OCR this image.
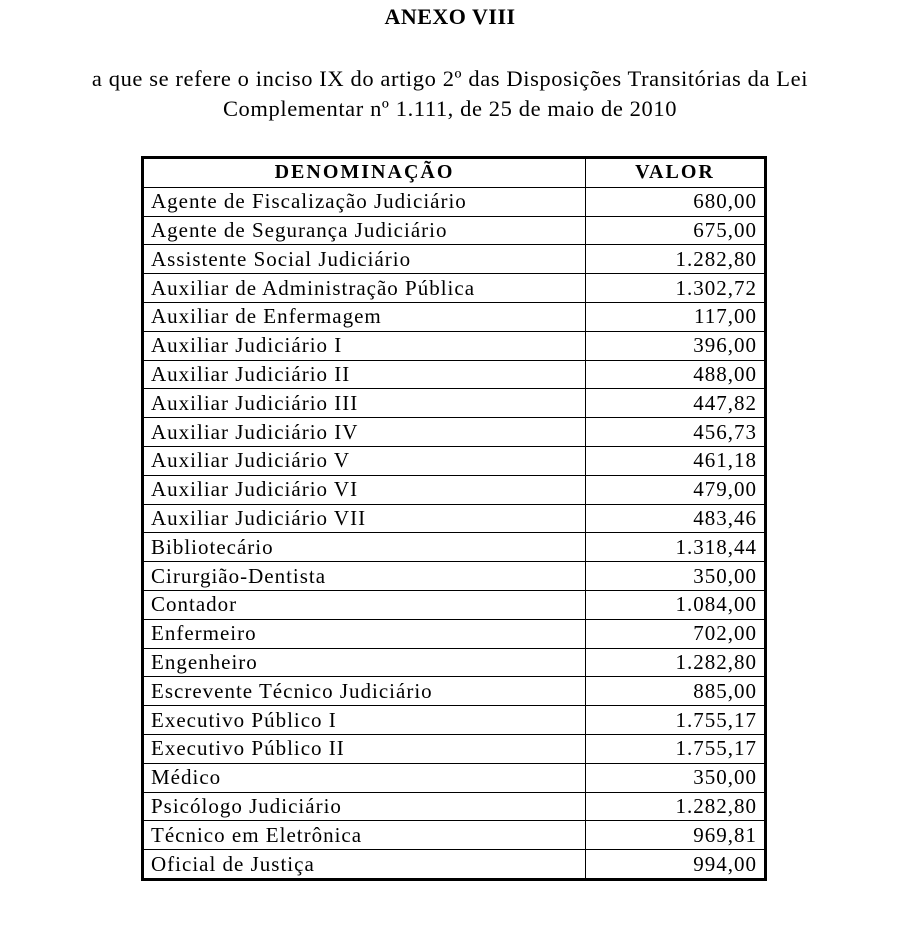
ANEXO VIII
a que se refere o inciso IX do artigo 2º das Disposições Transitórias da Lei
Complementar nº 1.111, de 25 de maio de 2010
DENOMINAÇÃO	VALOR
Agente de Fiscalização Judiciário	680,00
Agente de Segurança Judiciário	675,00
Assistente Social Judiciário	1.282,80
Auxiliar de Administração Pública	1.302,72
Auxiliar de Enfermagem	117,00
Auxiliar Judiciário I	396,00
Auxiliar Judiciário II	488,00
Auxiliar Judiciário III	447,82
Auxiliar Judiciário IV	456,73
Auxiliar Judiciário V	461,18
Auxiliar Judiciário VI	479,00
Auxiliar Judiciário VII	483,46
Bibliotecário	1.318,44
Cirurgião-Dentista	350,00
Contador	1.084,00
Enfermeiro	702,00
Engenheiro	1.282,80
Escrevente Técnico Judiciário	885,00
Executivo Público I	1.755,17
Executivo Público II	1.755,17
Médico	350,00
Psicólogo Judiciário	1.282,80
Técnico em Eletrônica	969,81
Oficial de Justiça	994,00
